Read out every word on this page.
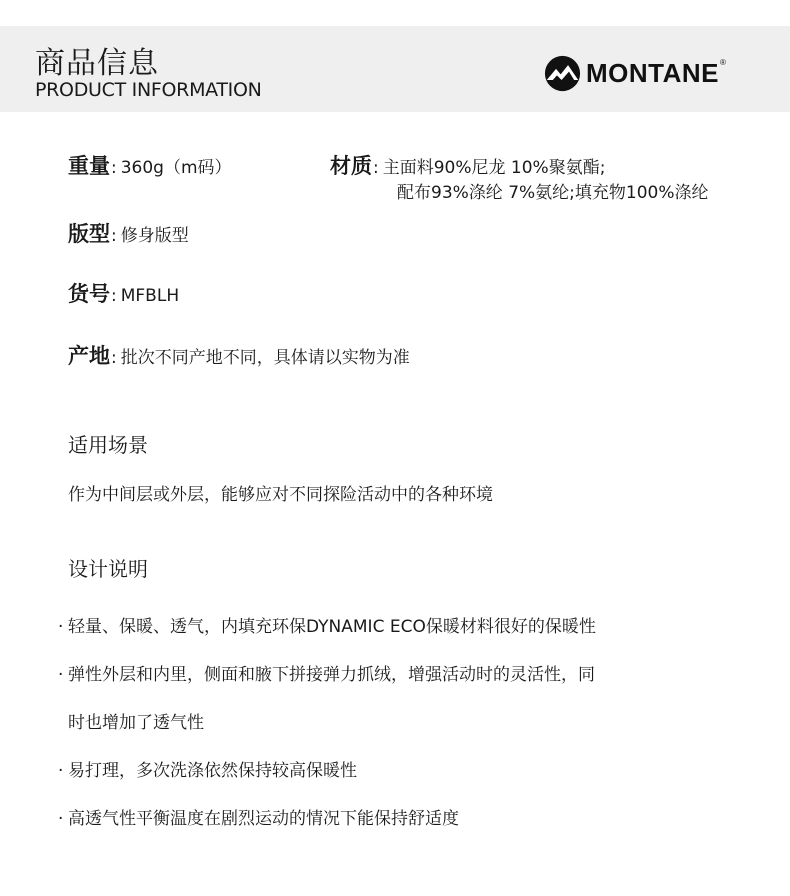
商品信息
PRODUCT INFORMATION
MONTANE®
重量 : 360g（m码）	材质 : 主面料90%尼龙 10%聚氨酯;
配布93%涤纶 7%氨纶;填充物100%涤纶
版型 : 修身版型
货号 : MFBLH
产地 : 批次不同产地不同，具体请以实物为准
适用场景
作为中间层或外层，能够应对不同探险活动中的各种环境
设计说明
· 轻量、保暖、透气，内填充环保DYNAMIC ECO保暖材料很好的保暖性
· 弹性外层和内里，侧面和腋下拼接弹力抓绒，增强活动时的灵活性，同
时也增加了透气性
· 易打理，多次洗涤依然保持较高保暖性
· 高透气性平衡温度在剧烈运动的情况下能保持舒适度
